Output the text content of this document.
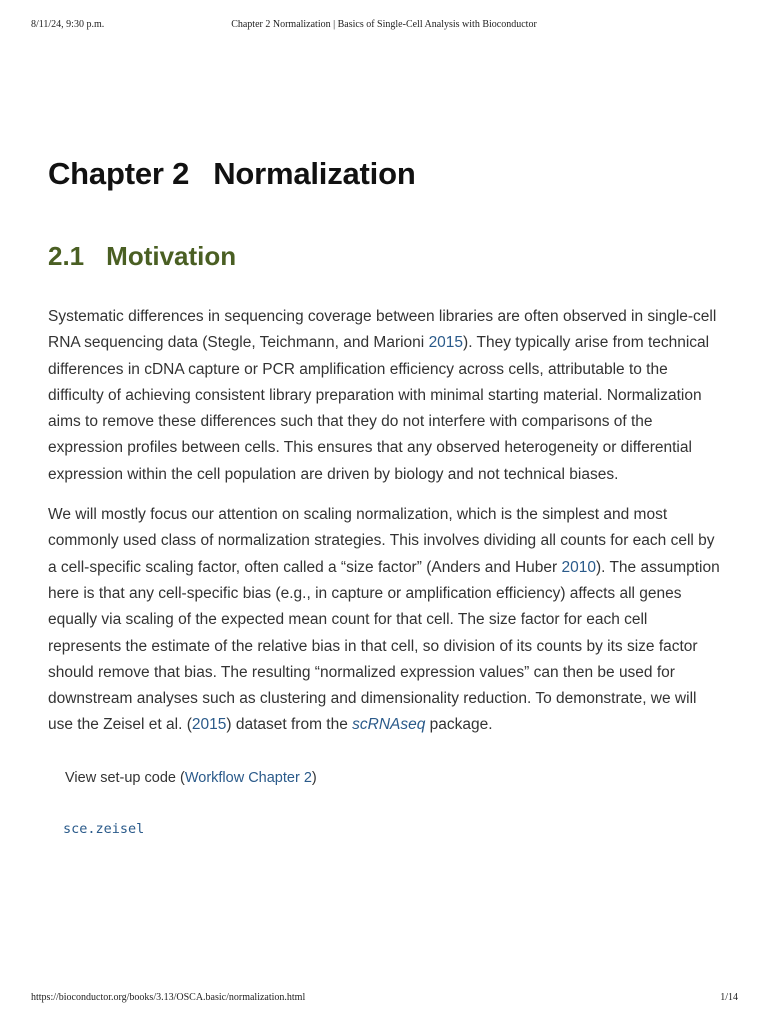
8/11/24, 9:30 p.m.	Chapter 2 Normalization | Basics of Single-Cell Analysis with Bioconductor
Chapter 2 Normalization
2.1 Motivation

Systematic differences in sequencing coverage between libraries are often observed in single-cell RNA sequencing data (Stegle, Teichmann, and Marioni 2015). They typically arise from technical differences in cDNA capture or PCR amplification efficiency across cells, attributable to the difficulty of achieving consistent library preparation with minimal starting material. Normalization aims to remove these differences such that they do not interfere with comparisons of the expression profiles between cells. This ensures that any observed heterogeneity or differential expression within the cell population are driven by biology and not technical biases.

We will mostly focus our attention on scaling normalization, which is the simplest and most commonly used class of normalization strategies. This involves dividing all counts for each cell by a cell-specific scaling factor, often called a “size factor” (Anders and Huber 2010). The assumption here is that any cell-specific bias (e.g., in capture or amplification efficiency) affects all genes equally via scaling of the expected mean count for that cell. The size factor for each cell represents the estimate of the relative bias in that cell, so division of its counts by its size factor should remove that bias. The resulting “normalized expression values” can then be used for downstream analyses such as clustering and dimensionality reduction. To demonstrate, we will use the Zeisel et al. (2015) dataset from the scRNAseq package.

View set-up code (Workflow Chapter 2)
sce.zeisel
https://bioconductor.org/books/3.13/OSCA.basic/normalization.html	1/14
